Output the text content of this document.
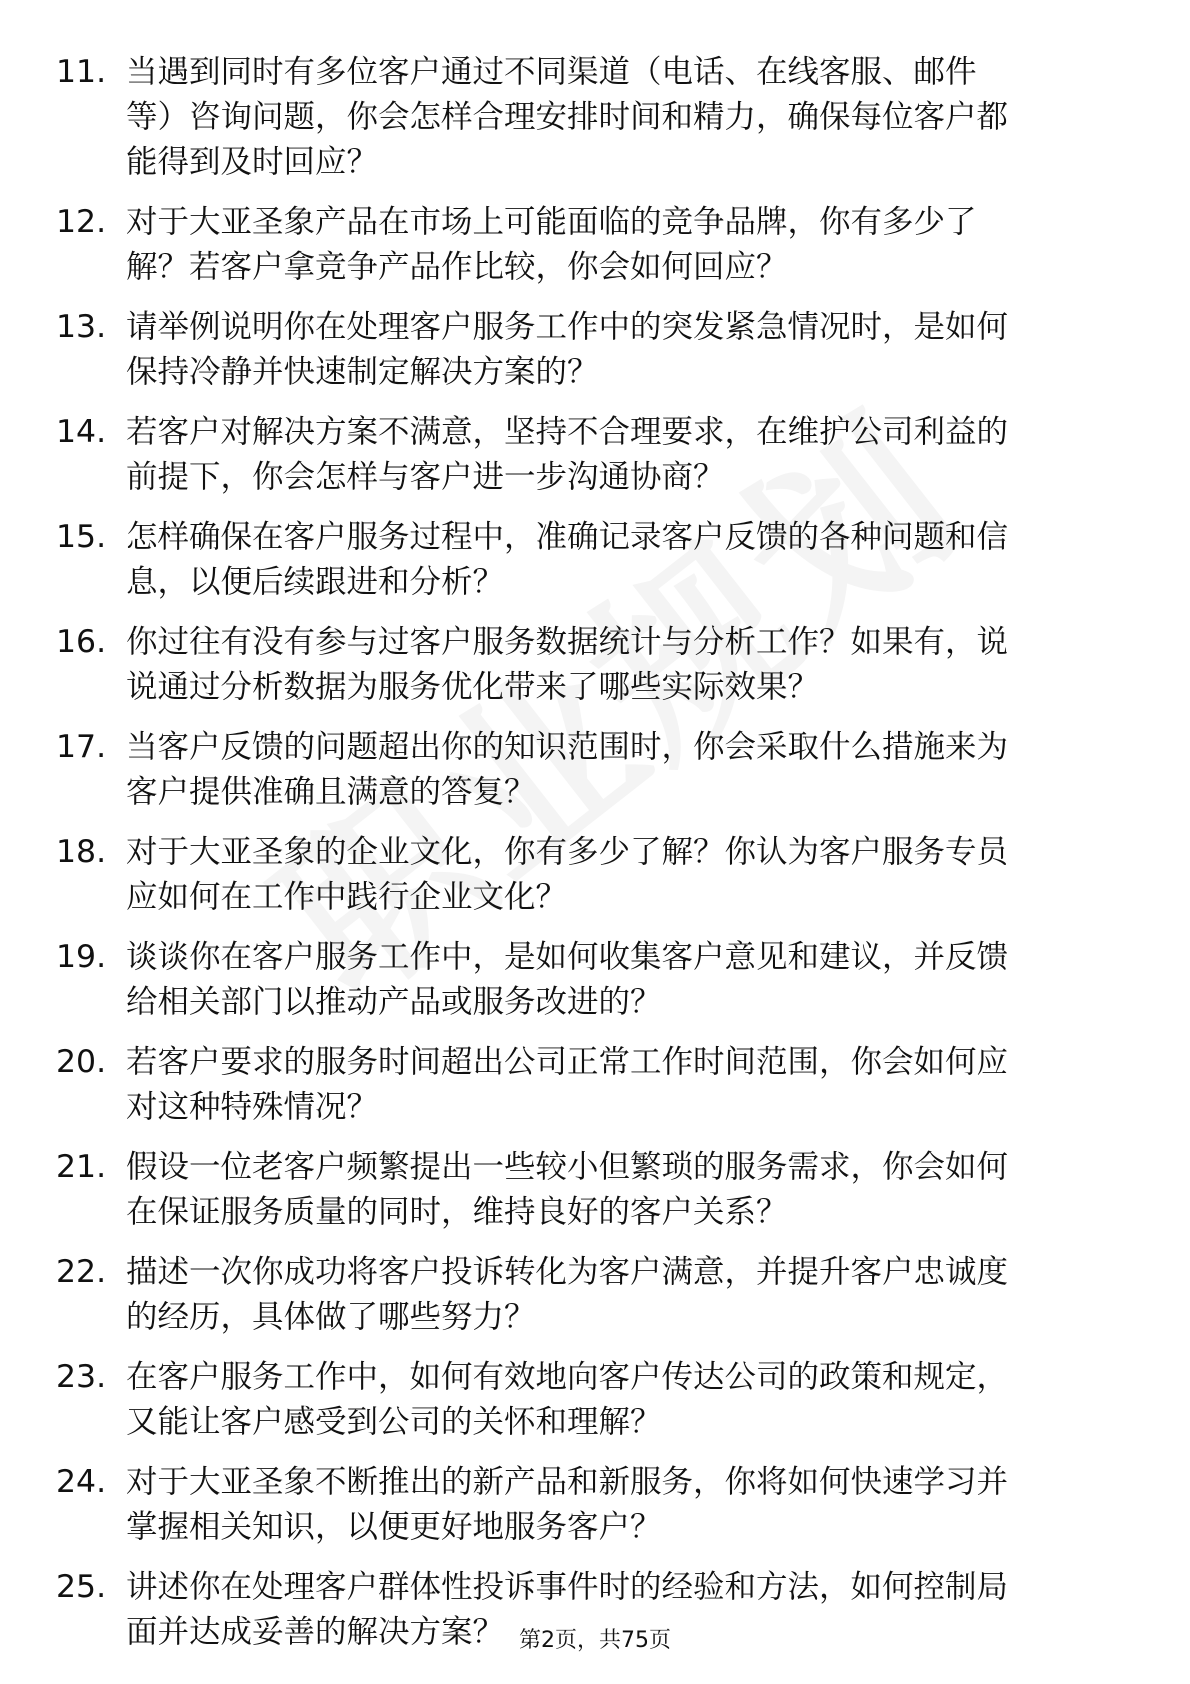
11. 当遇到同时有多位客户通过不同渠道（电话、在线客服、邮件
等）咨询问题，你会怎样合理安排时间和精力，确保每位客户都
能得到及时回应？
12. 对于大亚圣象产品在市场上可能面临的竞争品牌，你有多少了
解？若客户拿竞争产品作比较，你会如何回应？
13. 请举例说明你在处理客户服务工作中的突发紧急情况时，是如何
保持冷静并快速制定解决方案的？
14. 若客户对解决方案不满意，坚持不合理要求，在维护公司利益的
前提下，你会怎样与客户进一步沟通协商？
15. 怎样确保在客户服务过程中，准确记录客户反馈的各种问题和信
息，以便后续跟进和分析？
16. 你过往有没有参与过客户服务数据统计与分析工作？如果有，说
说通过分析数据为服务优化带来了哪些实际效果？
17. 当客户反馈的问题超出你的知识范围时，你会采取什么措施来为
客户提供准确且满意的答复？
18. 对于大亚圣象的企业文化，你有多少了解？你认为客户服务专员
应如何在工作中践行企业文化？
19. 谈谈你在客户服务工作中，是如何收集客户意见和建议，并反馈
给相关部门以推动产品或服务改进的？
20. 若客户要求的服务时间超出公司正常工作时间范围，你会如何应
对这种特殊情况？
21. 假设一位老客户频繁提出一些较小但繁琐的服务需求，你会如何
在保证服务质量的同时，维持良好的客户关系？
22. 描述一次你成功将客户投诉转化为客户满意，并提升客户忠诚度
的经历，具体做了哪些努力？
23. 在客户服务工作中，如何有效地向客户传达公司的政策和规定，
又能让客户感受到公司的关怀和理解？
24. 对于大亚圣象不断推出的新产品和新服务，你将如何快速学习并
掌握相关知识，以便更好地服务客户？
25. 讲述你在处理客户群体性投诉事件时的经验和方法，如何控制局
面并达成妥善的解决方案？ 第2页，共75页
